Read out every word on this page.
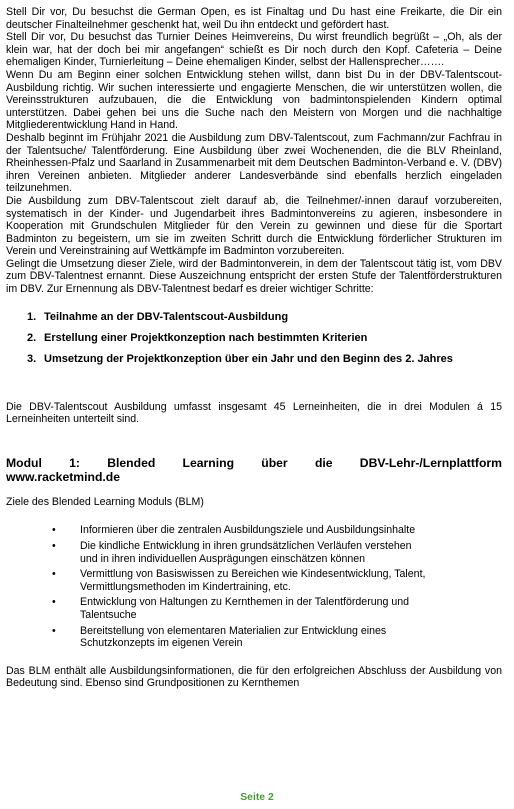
Stell Dir vor, Du besuchst die German Open, es ist Finaltag und Du hast eine Freikarte, die Dir ein deutscher Finalteilnehmer geschenkt hat, weil Du ihn entdeckt und gefördert hast.

Stell Dir vor, Du besuchst das Turnier Deines Heimvereins, Du wirst freundlich begrüßt – „Oh, als der klein war, hat der doch bei mir angefangen“ schießt es Dir noch durch den Kopf. Cafeteria – Deine ehemaligen Kinder, Turnierleitung – Deine ehemaligen Kinder, selbst der Hallensprecher…….

Wenn Du am Beginn einer solchen Entwicklung stehen willst, dann bist Du in der DBV-Talentscout-Ausbildung richtig. Wir suchen interessierte und engagierte Menschen, die wir unterstützen wollen, die Vereinsstrukturen aufzubauen, die die Entwicklung von badmintonspielenden Kindern optimal unterstützen. Dabei gehen bei uns die Suche nach den Meistern von Morgen und die nachhaltige Mitgliederentwicklung Hand in Hand.

Deshalb beginnt im Frühjahr 2021 die Ausbildung zum DBV-Talentscout, zum Fachmann/zur Fachfrau in der Talentsuche/ Talentförderung. Eine Ausbildung über zwei Wochenenden, die die BLV Rheinland, Rheinhessen-Pfalz und Saarland in Zusammenarbeit mit dem Deutschen Badminton-Verband e. V. (DBV) ihren Vereinen anbieten. Mitglieder anderer Landesverbände sind ebenfalls herzlich eingeladen teilzunehmen.

Die Ausbildung zum DBV-Talentscout zielt darauf ab, die Teilnehmer/-innen darauf vorzubereiten, systematisch in der Kinder- und Jugendarbeit ihres Badmintonvereins zu agieren, insbesondere in Kooperation mit Grundschulen Mitglieder für den Verein zu gewinnen und diese für die Sportart Badminton zu begeistern, um sie im zweiten Schritt durch die Entwicklung förderlicher Strukturen im Verein und Vereinstraining auf Wettkämpfe im Badminton vorzubereiten.

Gelingt die Umsetzung dieser Ziele, wird der Badmintonverein, in dem der Talentscout tätig ist, vom DBV zum DBV-Talentnest ernannt. Diese Auszeichnung entspricht der ersten Stufe der Talentförderstrukturen im DBV. Zur Ernennung als DBV-Talentnest bedarf es dreier wichtiger Schritte:

1. Teilnahme an der DBV-Talentscout-Ausbildung
2. Erstellung einer Projektkonzeption nach bestimmten Kriterien
3. Umsetzung der Projektkonzeption über ein Jahr und den Beginn des 2. Jahres

Die DBV-Talentscout Ausbildung umfasst insgesamt 45 Lerneinheiten, die in drei Modulen á 15 Lerneinheiten unterteilt sind.

Modul 1: Blended Learning über die DBV-Lehr-/Lernplattform
www.racketmind.de

Ziele des Blended Learning Moduls (BLM)

• Informieren über die zentralen Ausbildungsziele und Ausbildungsinhalte
• Die kindliche Entwicklung in ihren grundsätzlichen Verläufen verstehen und in ihren individuellen Ausprägungen einschätzen können
• Vermittlung von Basiswissen zu Bereichen wie Kindesentwicklung, Talent, Vermittlungsmethoden im Kindertraining, etc.
• Entwicklung von Haltungen zu Kernthemen in der Talentförderung und Talentsuche
• Bereitstellung von elementaren Materialien zur Entwicklung eines Schutzkonzepts im eigenen Verein

Das BLM enthält alle Ausbildungsinformationen, die für den erfolgreichen Abschluss der Ausbildung von Bedeutung sind. Ebenso sind Grundpositionen zu Kernthemen

Seite 2
